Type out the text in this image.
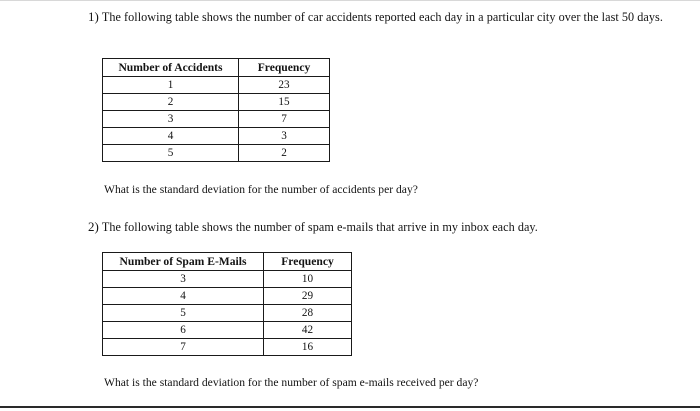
1) The following table shows the number of car accidents reported each day in a particular city over the last 50 days.
Number of Accidents	Frequency
1	23
2	15
3	7
4	3
5	2
What is the standard deviation for the number of accidents per day?
2) The following table shows the number of spam e-mails that arrive in my inbox each day.
Number of Spam E-Mails	Frequency
3	10
4	29
5	28
6	42
7	16
What is the standard deviation for the number of spam e-mails received per day?
